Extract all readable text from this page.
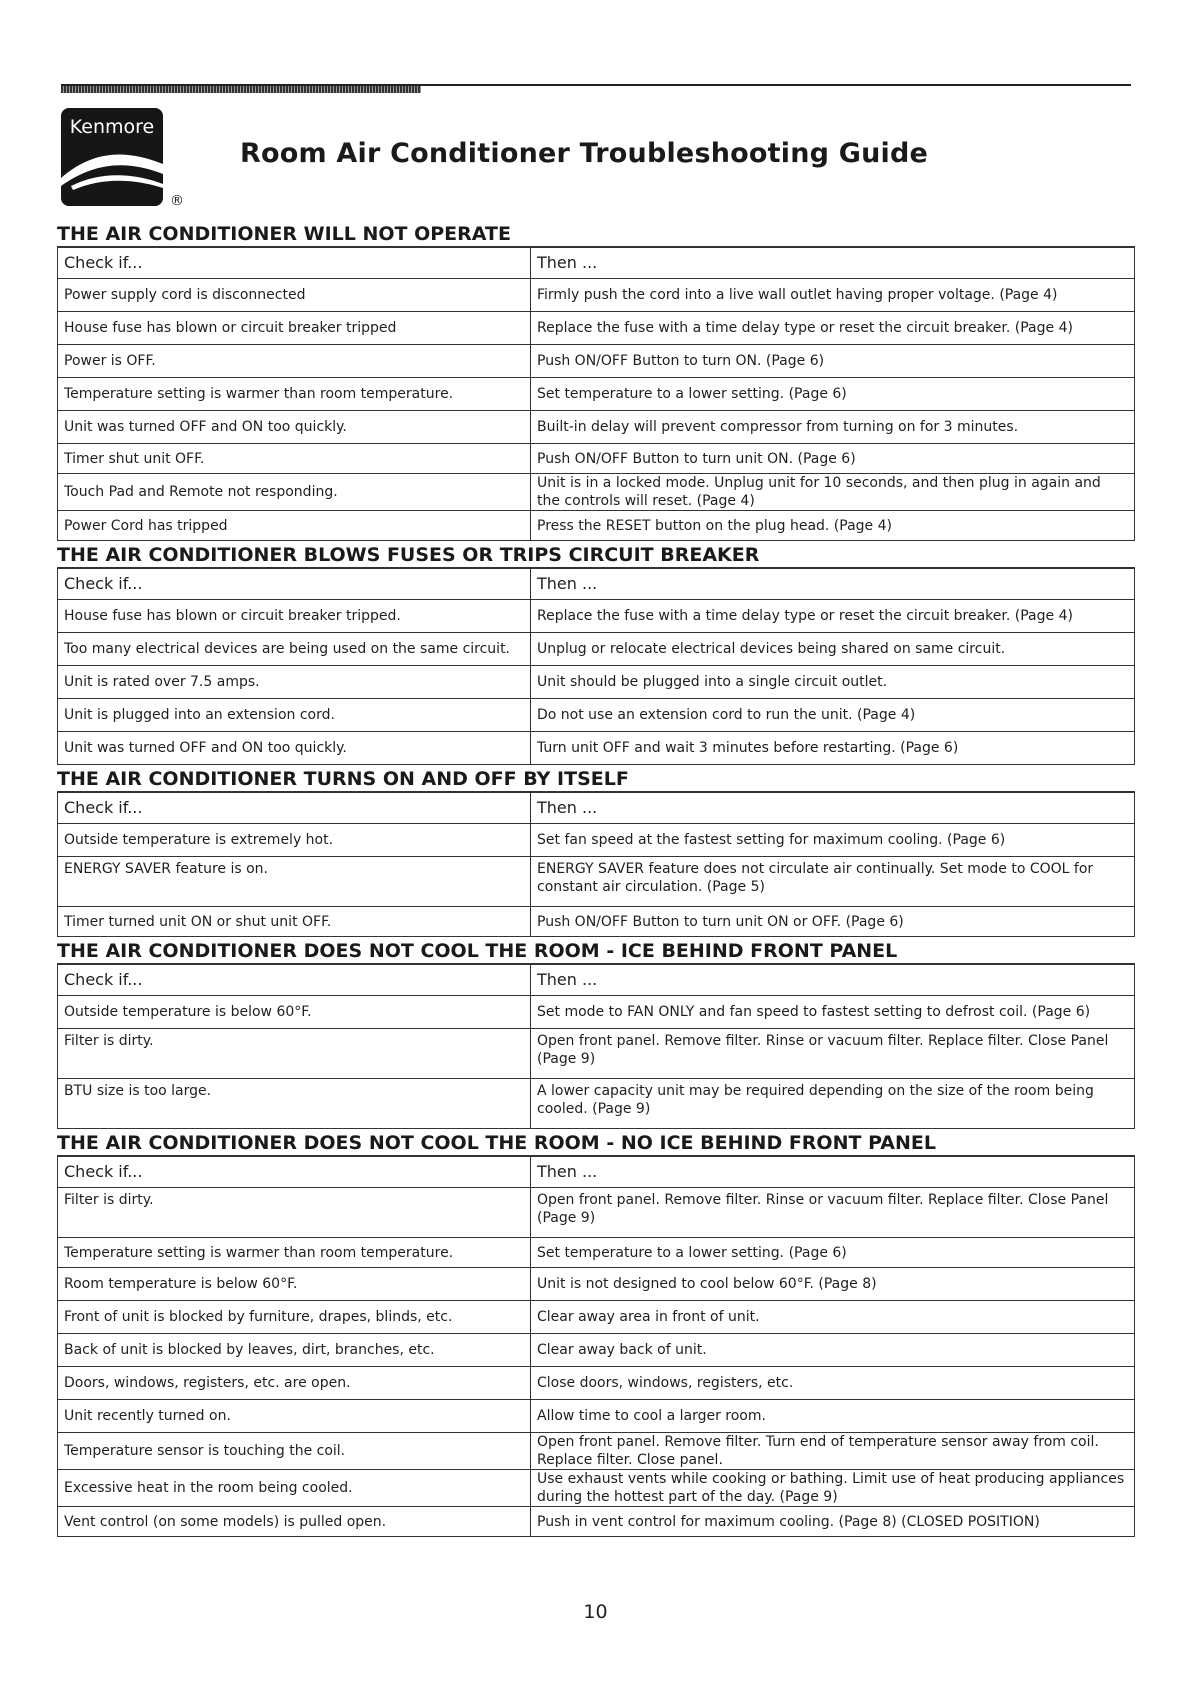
Kenmore
®
Room Air Conditioner Troubleshooting Guide
THE AIR CONDITIONER WILL NOT OPERATE
Check if...	Then ...
Power supply cord is disconnected	Firmly push the cord into a live wall outlet having proper voltage. (Page 4)
House fuse has blown or circuit breaker tripped	Replace the fuse with a time delay type or reset the circuit breaker. (Page 4)
Power is OFF.	Push ON/OFF Button to turn ON. (Page 6)
Temperature setting is warmer than room temperature.	Set temperature to a lower setting. (Page 6)
Unit was turned OFF and ON too quickly.	Built-in delay will prevent compressor from turning on for 3 minutes.
Timer shut unit OFF.	Push ON/OFF Button to turn unit ON. (Page 6)
Touch Pad and Remote not responding.	Unit is in a locked mode. Unplug unit for 10 seconds, and then plug in again and the controls will reset. (Page 4)
Power Cord has tripped	Press the RESET button on the plug head. (Page 4)
THE AIR CONDITIONER BLOWS FUSES OR TRIPS CIRCUIT BREAKER
Check if...	Then ...
House fuse has blown or circuit breaker tripped.	Replace the fuse with a time delay type or reset the circuit breaker. (Page 4)
Too many electrical devices are being used on the same circuit.	Unplug or relocate electrical devices being shared on same circuit.
Unit is rated over 7.5 amps.	Unit should be plugged into a single circuit outlet.
Unit is plugged into an extension cord.	Do not use an extension cord to run the unit. (Page 4)
Unit was turned OFF and ON too quickly.	Turn unit OFF and wait 3 minutes before restarting. (Page 6)
THE AIR CONDITIONER TURNS ON AND OFF BY ITSELF
Check if...	Then ...
Outside temperature is extremely hot.	Set fan speed at the fastest setting for maximum cooling. (Page 6)
ENERGY SAVER feature is on.	ENERGY SAVER feature does not circulate air continually. Set mode to COOL for constant air circulation. (Page 5)
Timer turned unit ON or shut unit OFF.	Push ON/OFF Button to turn unit ON or OFF. (Page 6)
THE AIR CONDITIONER DOES NOT COOL THE ROOM - ICE BEHIND FRONT PANEL
Check if...	Then ...
Outside temperature is below 60°F.	Set mode to FAN ONLY and fan speed to fastest setting to defrost coil. (Page 6)
Filter is dirty.	Open front panel. Remove filter. Rinse or vacuum filter. Replace filter. Close Panel (Page 9)
BTU size is too large.	A lower capacity unit may be required depending on the size of the room being cooled. (Page 9)
THE AIR CONDITIONER DOES NOT COOL THE ROOM - NO ICE BEHIND FRONT PANEL
Check if...	Then ...
Filter is dirty.	Open front panel. Remove filter. Rinse or vacuum filter. Replace filter. Close Panel (Page 9)
Temperature setting is warmer than room temperature.	Set temperature to a lower setting. (Page 6)
Room temperature is below 60°F.	Unit is not designed to cool below 60°F. (Page 8)
Front of unit is blocked by furniture, drapes, blinds, etc.	Clear away area in front of unit.
Back of unit is blocked by leaves, dirt, branches, etc.	Clear away back of unit.
Doors, windows, registers, etc. are open.	Close doors, windows, registers, etc.
Unit recently turned on.	Allow time to cool a larger room.
Temperature sensor is touching the coil.	Open front panel. Remove filter. Turn end of temperature sensor away from coil. Replace filter. Close panel.
Excessive heat in the room being cooled.	Use exhaust vents while cooking or bathing. Limit use of heat producing appliances during the hottest part of the day. (Page 9)
Vent control (on some models) is pulled open.	Push in vent control for maximum cooling. (Page 8) (CLOSED POSITION)
10
